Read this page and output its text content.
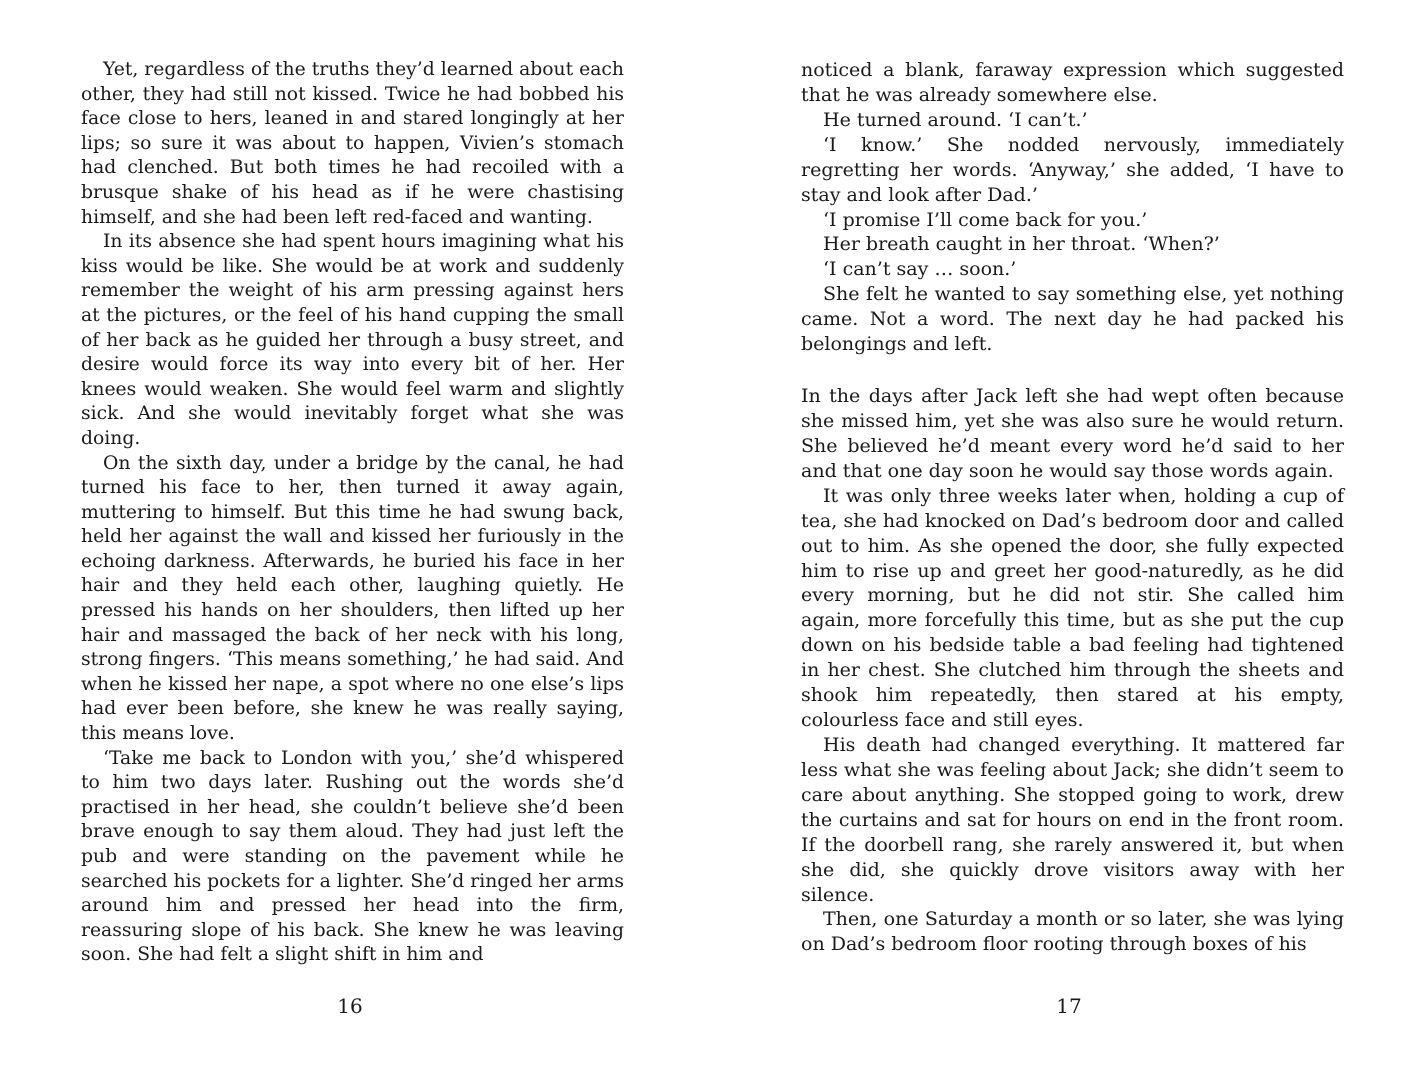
Yet, regardless of the truths they’d learned about each other, they had still not kissed. Twice he had bobbed his face close to hers, leaned in and stared longingly at her lips; so sure it was about to happen, Vivien’s stomach had clenched. But both times he had recoiled with a brusque shake of his head as if he were chastising himself, and she had been left red-faced and wanting.

In its absence she had spent hours imagining what his kiss would be like. She would be at work and suddenly remember the weight of his arm pressing against hers at the pictures, or the feel of his hand cupping the small of her back as he guided her through a busy street, and desire would force its way into every bit of her. Her knees would weaken. She would feel warm and slightly sick. And she would inevitably forget what she was doing.

On the sixth day, under a bridge by the canal, he had turned his face to her, then turned it away again, muttering to himself. But this time he had swung back, held her against the wall and kissed her furiously in the echoing darkness. Afterwards, he buried his face in her hair and they held each other, laughing quietly. He pressed his hands on her shoulders, then lifted up her hair and massaged the back of her neck with his long, strong fingers. ‘This means something,’ he had said. And when he kissed her nape, a spot where no one else’s lips had ever been before, she knew he was really saying, this means love.

‘Take me back to London with you,’ she’d whispered to him two days later. Rushing out the words she’d practised in her head, she couldn’t believe she’d been brave enough to say them aloud. They had just left the pub and were standing on the pavement while he searched his pockets for a lighter. She’d ringed her arms around him and pressed her head into the firm, reassuring slope of his back. She knew he was leaving soon. She had felt a slight shift in him and

16

noticed a blank, faraway expression which suggested that he was already somewhere else.

He turned around. ‘I can’t.’

‘I know.’ She nodded nervously, immediately regretting her words. ‘Anyway,’ she added, ‘I have to stay and look after Dad.’

‘I promise I’ll come back for you.’

Her breath caught in her throat. ‘When?’

‘I can’t say … soon.’

She felt he wanted to say something else, yet nothing came. Not a word. The next day he had packed his belongings and left.

In the days after Jack left she had wept often because she missed him, yet she was also sure he would return. She believed he’d meant every word he’d said to her and that one day soon he would say those words again.

It was only three weeks later when, holding a cup of tea, she had knocked on Dad’s bedroom door and called out to him. As she opened the door, she fully expected him to rise up and greet her good-naturedly, as he did every morning, but he did not stir. She called him again, more forcefully this time, but as she put the cup down on his bedside table a bad feeling had tightened in her chest. She clutched him through the sheets and shook him repeatedly, then stared at his empty, colourless face and still eyes.

His death had changed everything. It mattered far less what she was feeling about Jack; she didn’t seem to care about anything. She stopped going to work, drew the curtains and sat for hours on end in the front room. If the doorbell rang, she rarely answered it, but when she did, she quickly drove visitors away with her silence.

Then, one Saturday a month or so later, she was lying on Dad’s bedroom floor rooting through boxes of his

17
